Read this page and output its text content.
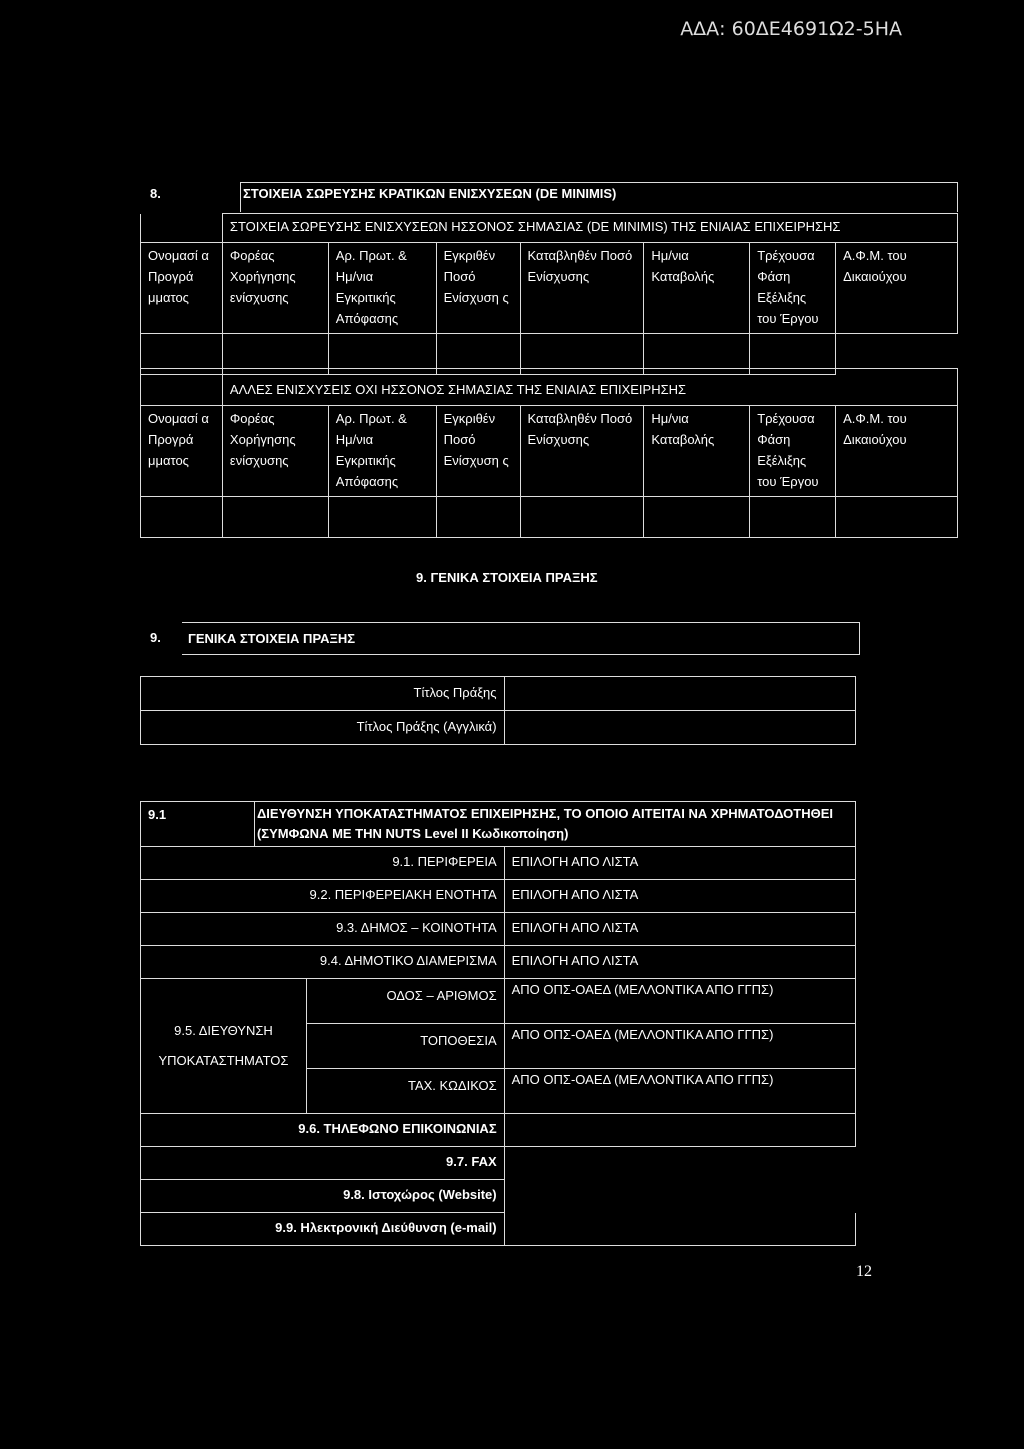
ΑΔΑ: 60ΔΕ4691Ω2-5ΗΑ
8.	ΣΤΟΙΧΕΙΑ ΣΩΡΕΥΣΗΣ ΚΡΑΤΙΚΩΝ ΕΝΙΣΧΥΣΕΩΝ (DE MINIMIS)
	ΣΤΟΙΧΕΙΑ ΣΩΡΕΥΣΗΣ ΕΝΙΣΧΥΣΕΩΝ ΗΣΣΟΝΟΣ ΣΗΜΑΣΙΑΣ (DE MINIMIS) ΤΗΣ ΕΝΙΑΙΑΣ ΕΠΙΧΕΙΡΗΣΗΣ						
Ονομασί α Προγρά μματος	Φορέας Χορήγησης ενίσχυσης	Αρ. Πρωτ. & Ημ/νια Εγκριτικής Απόφασης	Εγκριθέν Ποσό Ενίσχυση ς	Καταβληθέν Ποσό Ενίσχυσης	Ημ/νια Καταβολής	Τρέχουσα Φάση Εξέλιξης του Έργου	Α.Φ.Μ. του Δικαιούχου

	ΑΛΛΕΣ ΕΝΙΣΧΥΣΕΙΣ ΟΧΙ ΗΣΣΟΝΟΣ ΣΗΜΑΣΙΑΣ ΤΗΣ ΕΝΙΑΙΑΣ ΕΠΙΧΕΙΡΗΣΗΣ						
Ονομασί α Προγρά μματος	Φορέας Χορήγησης ενίσχυσης	Αρ. Πρωτ. & Ημ/νια Εγκριτικής Απόφασης	Εγκριθέν Ποσό Ενίσχυση ς	Καταβληθέν Ποσό Ενίσχυσης	Ημ/νια Καταβολής	Τρέχουσα Φάση Εξέλιξης του Έργου	Α.Φ.Μ. του Δικαιούχου

9. ΓΕΝΙΚΑ ΣΤΟΙΧΕΙΑ ΠΡΑΞΗΣ
9. ΓΕΝΙΚΑ ΣΤΟΙΧΕΙΑ ΠΡΑΞΗΣ
Τίτλος Πράξης	
Τίτλος Πράξης (Αγγλικά)	
9.1	ΔΙΕΥΘΥΝΣΗ ΥΠΟΚΑΤΑΣΤΗΜΑΤΟΣ ΕΠΙΧΕΙΡΗΣΗΣ, ΤΟ ΟΠΟΙΟ ΑΙΤΕΙΤΑΙ ΝΑ ΧΡΗΜΑΤΟΔΟΤΗΘΕΙ (ΣΥΜΦΩΝΑ ΜΕ ΤΗΝ NUTS Level II Κωδικοποίηση)		
9.1. ΠΕΡΙΦΕΡΕΙΑ			ΕΠΙΛΟΓΗ ΑΠΟ ΛΙΣΤΑ
9.2. ΠΕΡΙΦΕΡΕΙΑΚΗ ΕΝΟΤΗΤΑ			ΕΠΙΛΟΓΗ ΑΠΟ ΛΙΣΤΑ
9.3. ΔΗΜΟΣ – ΚΟΙΝΟΤΗΤΑ			ΕΠΙΛΟΓΗ ΑΠΟ ΛΙΣΤΑ
9.4. ΔΗΜΟΤΙΚΟ ΔΙΑΜΕΡΙΣΜΑ			ΕΠΙΛΟΓΗ ΑΠΟ ΛΙΣΤΑ

9.5. ΔΙΕΥΘΥΝΣΗ
ΥΠΟΚΑΤΑΣΤΗΜΑΤΟΣ		ΟΔΟΣ – ΑΡΙΘΜΟΣ	ΑΠΟ ΟΠΣ-ΟΑΕΔ (ΜΕΛΛΟΝΤΙΚΑ ΑΠΟ ΓΓΠΣ)
		ΤΟΠΟΘΕΣΙΑ	ΑΠΟ ΟΠΣ-ΟΑΕΔ (ΜΕΛΛΟΝΤΙΚΑ ΑΠΟ ΓΓΠΣ)
		ΤΑΧ. ΚΩΔΙΚΟΣ	ΑΠΟ ΟΠΣ-ΟΑΕΔ (ΜΕΛΛΟΝΤΙΚΑ ΑΠΟ ΓΓΠΣ)
9.6. ΤΗΛΕΦΩΝΟ ΕΠΙΚΟΙΝΩΝΙΑΣ			
9.7. FAX			
9.8. Ιστοχώρος (Website)			
9.9. Ηλεκτρονική Διεύθυνση (e-mail)			
12
